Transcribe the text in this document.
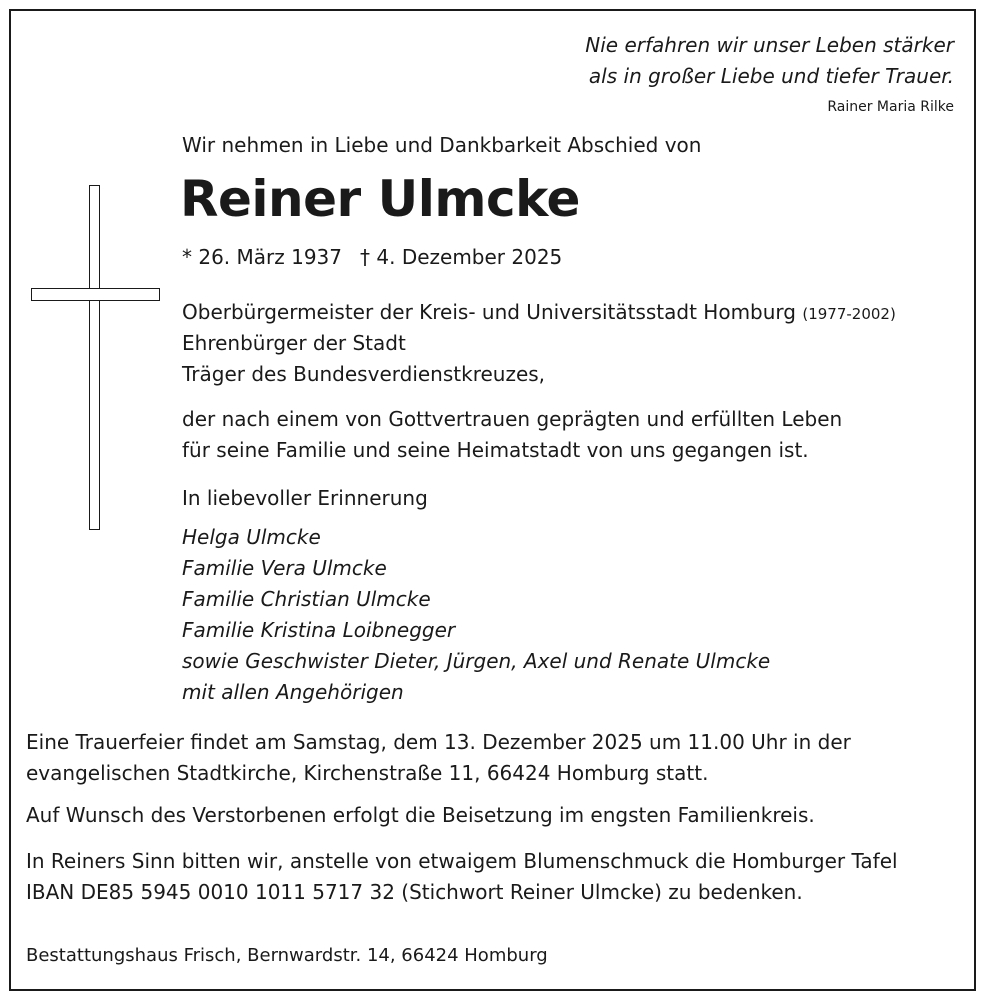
Nie erfahren wir unser Leben stärker
als in großer Liebe und tiefer Trauer.
Rainer Maria Rilke
Wir nehmen in Liebe und Dankbarkeit Abschied von
Reiner Ulmcke
* 26. März 1937 † 4. Dezember 2025
Oberbürgermeister der Kreis- und Universitätsstadt Homburg (1977-2002)
Ehrenbürger der Stadt
Träger des Bundesverdienstkreuzes,
der nach einem von Gottvertrauen geprägten und erfüllten Leben
für seine Familie und seine Heimatstadt von uns gegangen ist.
In liebevoller Erinnerung
Helga Ulmcke
Familie Vera Ulmcke
Familie Christian Ulmcke
Familie Kristina Loibnegger
sowie Geschwister Dieter, Jürgen, Axel und Renate Ulmcke
mit allen Angehörigen
Eine Trauerfeier findet am Samstag, dem 13. Dezember 2025 um 11.00 Uhr in der
evangelischen Stadtkirche, Kirchenstraße 11, 66424 Homburg statt.
Auf Wunsch des Verstorbenen erfolgt die Beisetzung im engsten Familienkreis.
In Reiners Sinn bitten wir, anstelle von etwaigem Blumenschmuck die Homburger Tafel
IBAN DE85 5945 0010 1011 5717 32 (Stichwort Reiner Ulmcke) zu bedenken.
Bestattungshaus Frisch, Bernwardstr. 14, 66424 Homburg
